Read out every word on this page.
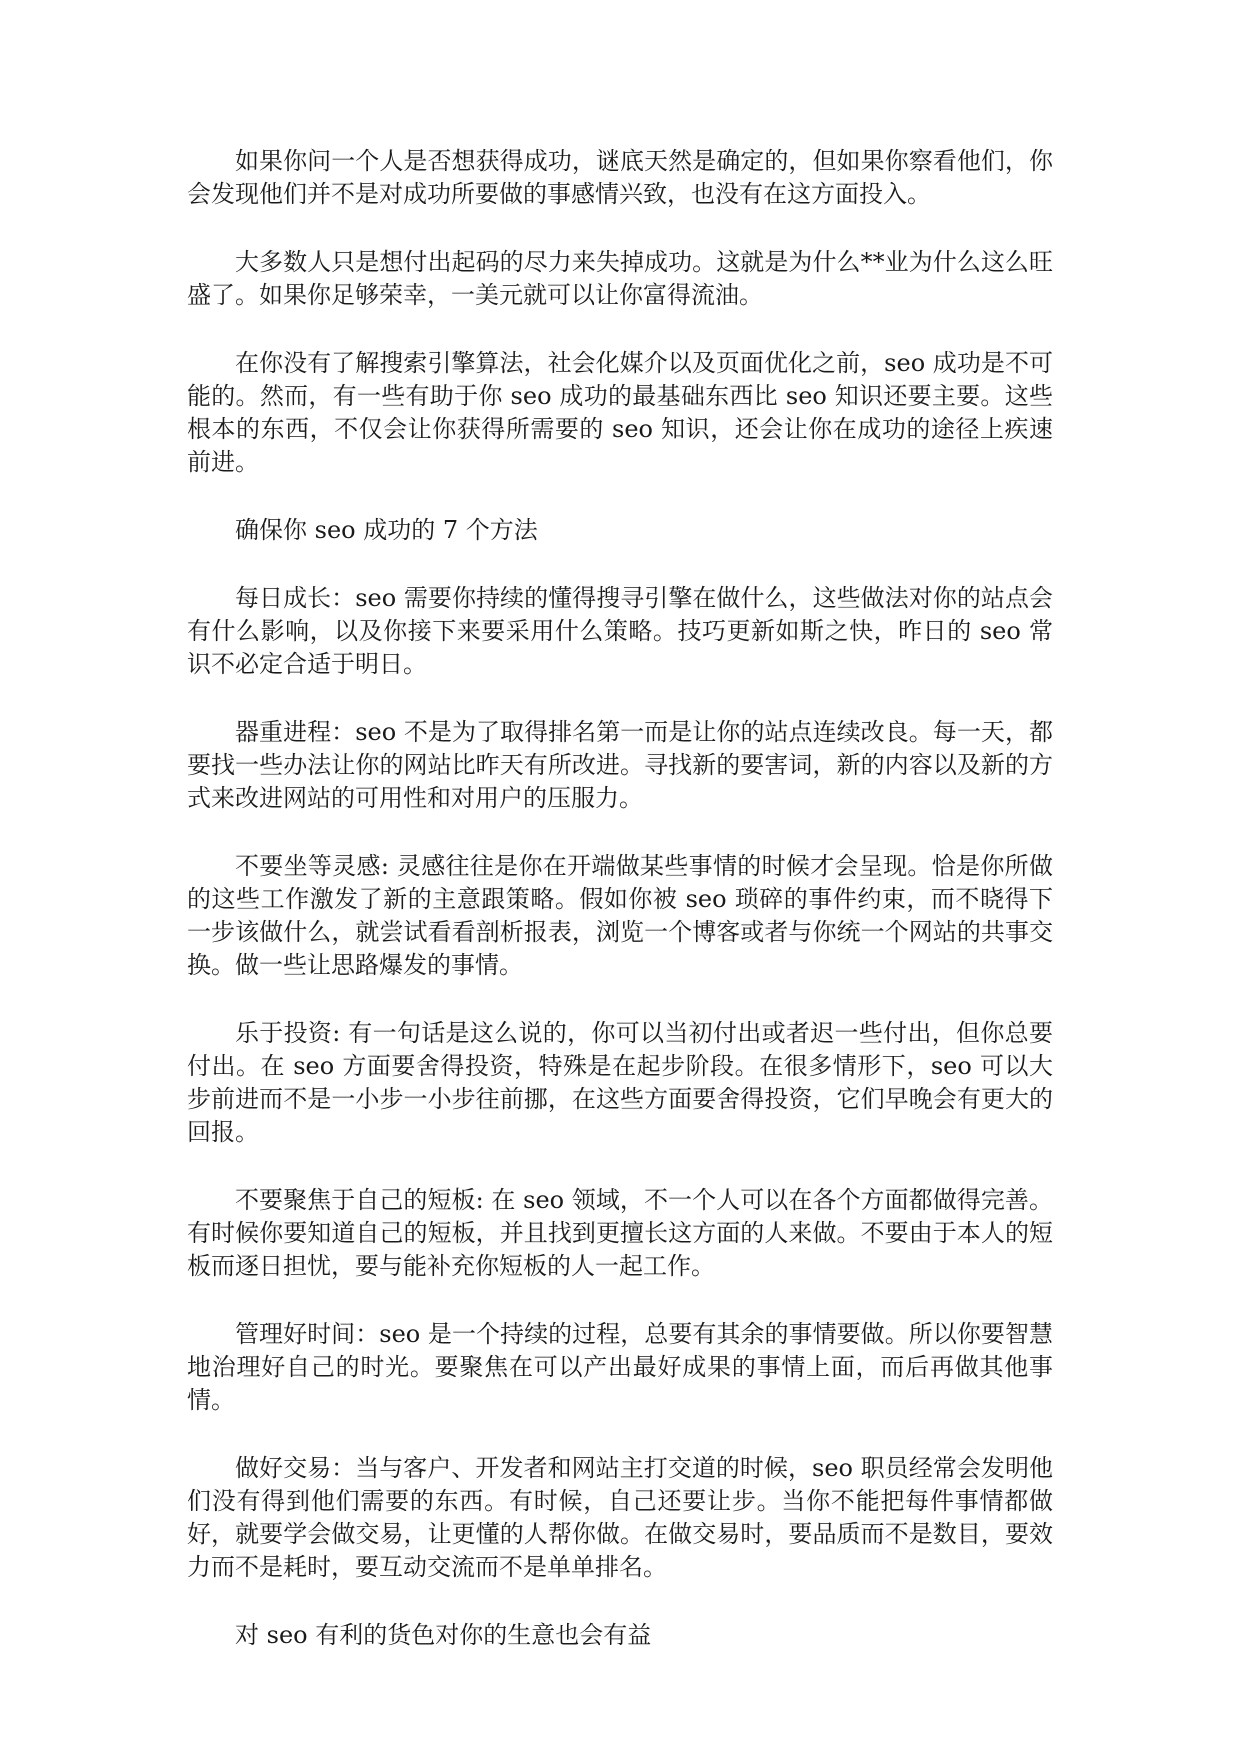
如果你问一个人是否想获得成功，谜底天然是确定的，但如果你察看他们，你会发现他们并不是对成功所要做的事感情兴致，也没有在这方面投入。

大多数人只是想付出起码的尽力来失掉成功。这就是为什么**业为什么这么旺盛了。如果你足够荣幸，一美元就可以让你富得流油。

在你没有了解搜索引擎算法，社会化媒介以及页面优化之前，seo 成功是不可能的。然而，有一些有助于你 seo 成功的最基础东西比 seo 知识还要主要。这些根本的东西，不仅会让你获得所需要的 seo 知识，还会让你在成功的途径上疾速前进。

确保你 seo 成功的 7 个方法

每日成长：seo 需要你持续的懂得搜寻引擎在做什么，这些做法对你的站点会有什么影响，以及你接下来要采用什么策略。技巧更新如斯之快，昨日的 seo 常识不必定合适于明日。

器重进程：seo 不是为了取得排名第一而是让你的站点连续改良。每一天，都要找一些办法让你的网站比昨天有所改进。寻找新的要害词，新的内容以及新的方式来改进网站的可用性和对用户的压服力。

不要坐等灵感: 灵感往往是你在开端做某些事情的时候才会呈现。恰是你所做的这些工作激发了新的主意跟策略。假如你被 seo 琐碎的事件约束，而不晓得下一步该做什么，就尝试看看剖析报表，浏览一个博客或者与你统一个网站的共事交换。做一些让思路爆发的事情。

乐于投资: 有一句话是这么说的，你可以当初付出或者迟一些付出，但你总要付出。在 seo 方面要舍得投资，特殊是在起步阶段。在很多情形下，seo 可以大步前进而不是一小步一小步往前挪，在这些方面要舍得投资，它们早晚会有更大的回报。

不要聚焦于自己的短板: 在 seo 领域，不一个人可以在各个方面都做得完善。有时候你要知道自己的短板，并且找到更擅长这方面的人来做。不要由于本人的短板而逐日担忧，要与能补充你短板的人一起工作。

管理好时间：seo 是一个持续的过程，总要有其余的事情要做。所以你要智慧地治理好自己的时光。要聚焦在可以产出最好成果的事情上面，而后再做其他事情。

做好交易：当与客户、开发者和网站主打交道的时候，seo 职员经常会发明他们没有得到他们需要的东西。有时候，自己还要让步。当你不能把每件事情都做好，就要学会做交易，让更懂的人帮你做。在做交易时，要品质而不是数目，要效力而不是耗时，要互动交流而不是单单排名。

对 seo 有利的货色对你的生意也会有益
